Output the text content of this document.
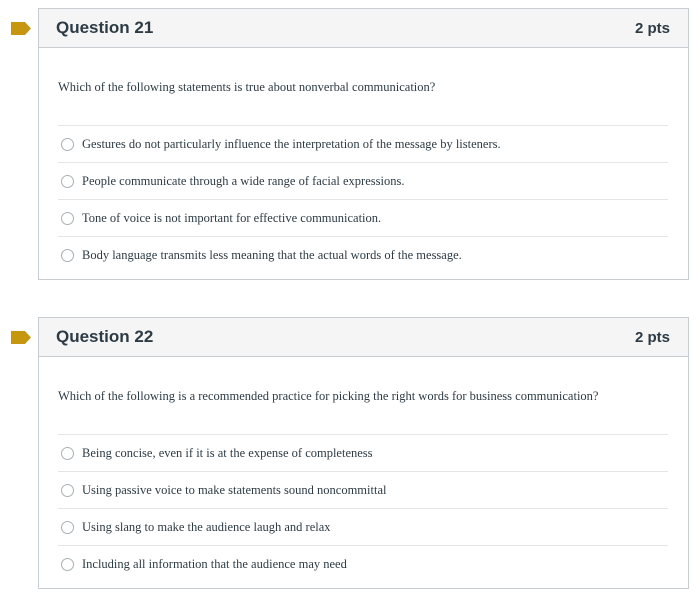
Question 21	2 pts
Which of the following statements is true about nonverbal communication?
Gestures do not particularly influence the interpretation of the message by listeners.
People communicate through a wide range of facial expressions.
Tone of voice is not important for effective communication.
Body language transmits less meaning that the actual words of the message.
Question 22	2 pts
Which of the following is a recommended practice for picking the right words for business communication?
Being concise, even if it is at the expense of completeness
Using passive voice to make statements sound noncommittal
Using slang to make the audience laugh and relax
Including all information that the audience may need
